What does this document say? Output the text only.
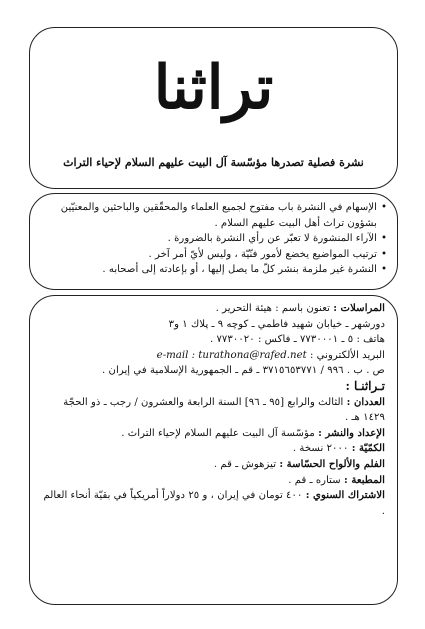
تراثنا
نشرة فصلية تصدرها مؤسّسة آل البيت عليهم السلام لإحياء التراث
• الإسهام في النشرة باب مفتوح لجميع العلماء والمحقّقين والباحثين والمعنيّين بشؤون تراث أهل البيت عليهم السلام .
• الآراء المنشورة لا تعبّر عن رأي النشرة بالضرورة .
• ترتيب المواضيع يخضع لأمور فنّيّة ، وليس لأيّ أمر آخر .
• النشرة غير ملزمة بنشر كلّ ما يصل إليها ، أو بإعادته إلى أصحابه .

المراسلات : تعنون باسم : هيئة التحرير .

دورشهر ـ خيابان شهيد فاطمي ـ كوچه ٩ ـ پلاك ١ و٣

هاتف : ٥ ـ ٧٧٣٠٠٠١ ـ فاكس : ٧٧٣٠٠٢٠ .

البريد الألكتروني : e-mail : turathona@rafed.net

ص . ب . ٩٩٦ / ٣٧١٥٦٥٣٧٧١ ـ قم ـ الجمهورية الإسلامية في إيران .

تـراثنـا :

العددان : الثالث والرابع [٩٥ ـ ٩٦] السنة الرابعة والعشرون / رجب ـ ذو الحجّة ١٤٢٩ هـ .

الإعداد والنشر : مؤسّسة آل البيت عليهم السلام لإحياء التراث .

الكمّيّة : ٢٠٠٠ نسخة .

الفلم والألواح الحسّاسة : تيزهوش ـ قم .

المطبعة : ستاره ـ قم .

الاشتراك السنوي : ٤٠٠ تومان في إيران ، و ٢٥ دولاراً أمريكياً في بقيّة أنحاء العالم .
